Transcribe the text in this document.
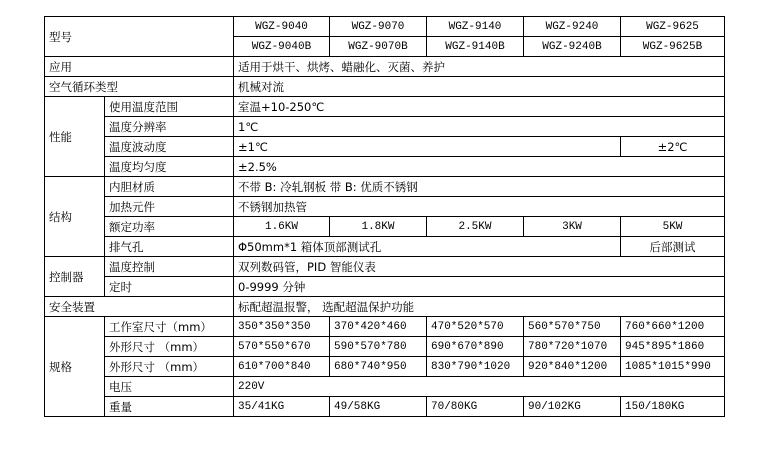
型号		WGZ-9040	WGZ-9070	WGZ-9140	WGZ-9240	WGZ-9625
		WGZ-9040B	WGZ-9070B	WGZ-9140B	WGZ-9240B	WGZ-9625B
应用		适用于烘干、烘烤、蜡融化、灭菌、养护				
空气循环类型		机械对流				
性能	使用温度范围	室温+10-250℃				
	温度分辨率	1℃				
	温度波动度	±1℃				±2℃
	温度均匀度	±2.5%				
结构	内胆材质	不带 B: 冷轧钢板 带 B: 优质不锈钢				
	加热元件	不锈钢加热管				
	额定功率	1.6KW	1.8KW	2.5KW	3KW	5KW
	排气孔	Φ50mm*1 箱体顶部测试孔				后部测试
控制器	温度控制	双列数码管，PID 智能仪表				
	定时	0-9999 分钟				
安全装置		标配超温报警， 选配超温保护功能				
规格	工作室尺寸（mm）	350*350*350	370*420*460	470*520*570	560*570*750	760*660*1200
	外形尺寸 （mm）	570*550*670	590*570*780	690*670*890	780*720*1070	945*895*1860
	外形尺寸 （mm）	610*700*840	680*740*950	830*790*1020	920*840*1200	1085*1015*990
	电压	220V				
	重量	35/41KG	49/58KG	70/80KG	90/102KG	150/180KG
